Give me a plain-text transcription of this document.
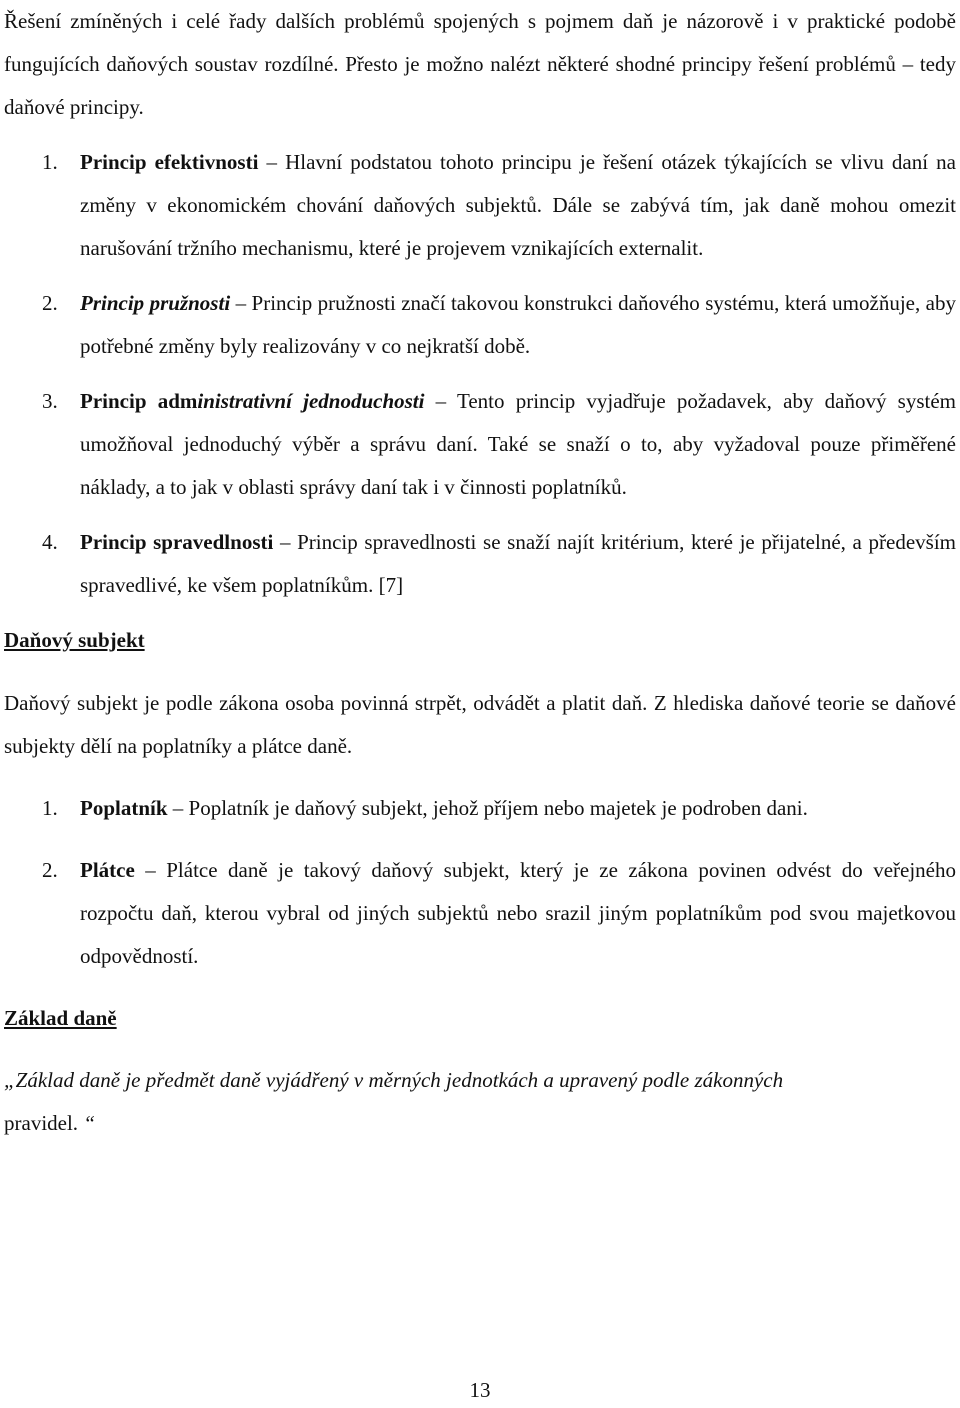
Řešení zmíněných i celé řady dalších problémů spojených s pojmem daň je názorově i v praktické podobě fungujících daňových soustav rozdílné. Přesto je možno nalézt některé shodné principy řešení problémů – tedy daňové principy.

1.	Princip efektivnosti – Hlavní podstatou tohoto principu je řešení otázek týkajících se vlivu daní na změny v ekonomickém chování daňových subjektů. Dále se zabývá tím, jak daně mohou omezit narušování tržního mechanismu, které je projevem vznikajících externalit.
2.	Princip pružnosti – Princip pružnosti značí takovou konstrukci daňového systému, která umožňuje, aby potřebné změny byly realizovány v co nejkratší době.
3.	Princip administrativní jednoduchosti – Tento princip vyjadřuje požadavek, aby daňový systém umožňoval jednoduchý výběr a správu daní. Také se snaží o to, aby vyžadoval pouze přiměřené náklady, a to jak v oblasti správy daní tak i v činnosti poplatníků.
4.	Princip spravedlnosti – Princip spravedlnosti se snaží najít kritérium, které je přijatelné, a především spravedlivé, ke všem poplatníkům. [7]
Daňový subjekt

Daňový subjekt je podle zákona osoba povinná strpět, odvádět a platit daň. Z hlediska daňové teorie se daňové subjekty dělí na poplatníky a plátce daně.

1.	Poplatník – Poplatník je daňový subjekt, jehož příjem nebo majetek je podroben dani.
2.	Plátce – Plátce daně je takový daňový subjekt, který je ze zákona povinen odvést do veřejného rozpočtu daň, kterou vybral od jiných subjektů nebo srazil jiným poplatníkům pod svou majetkovou odpovědností.
Základ daně

„Základ daně je předmět daně vyjádřený v měrných jednotkách a upravený podle zákonných
pravidel. “

13
